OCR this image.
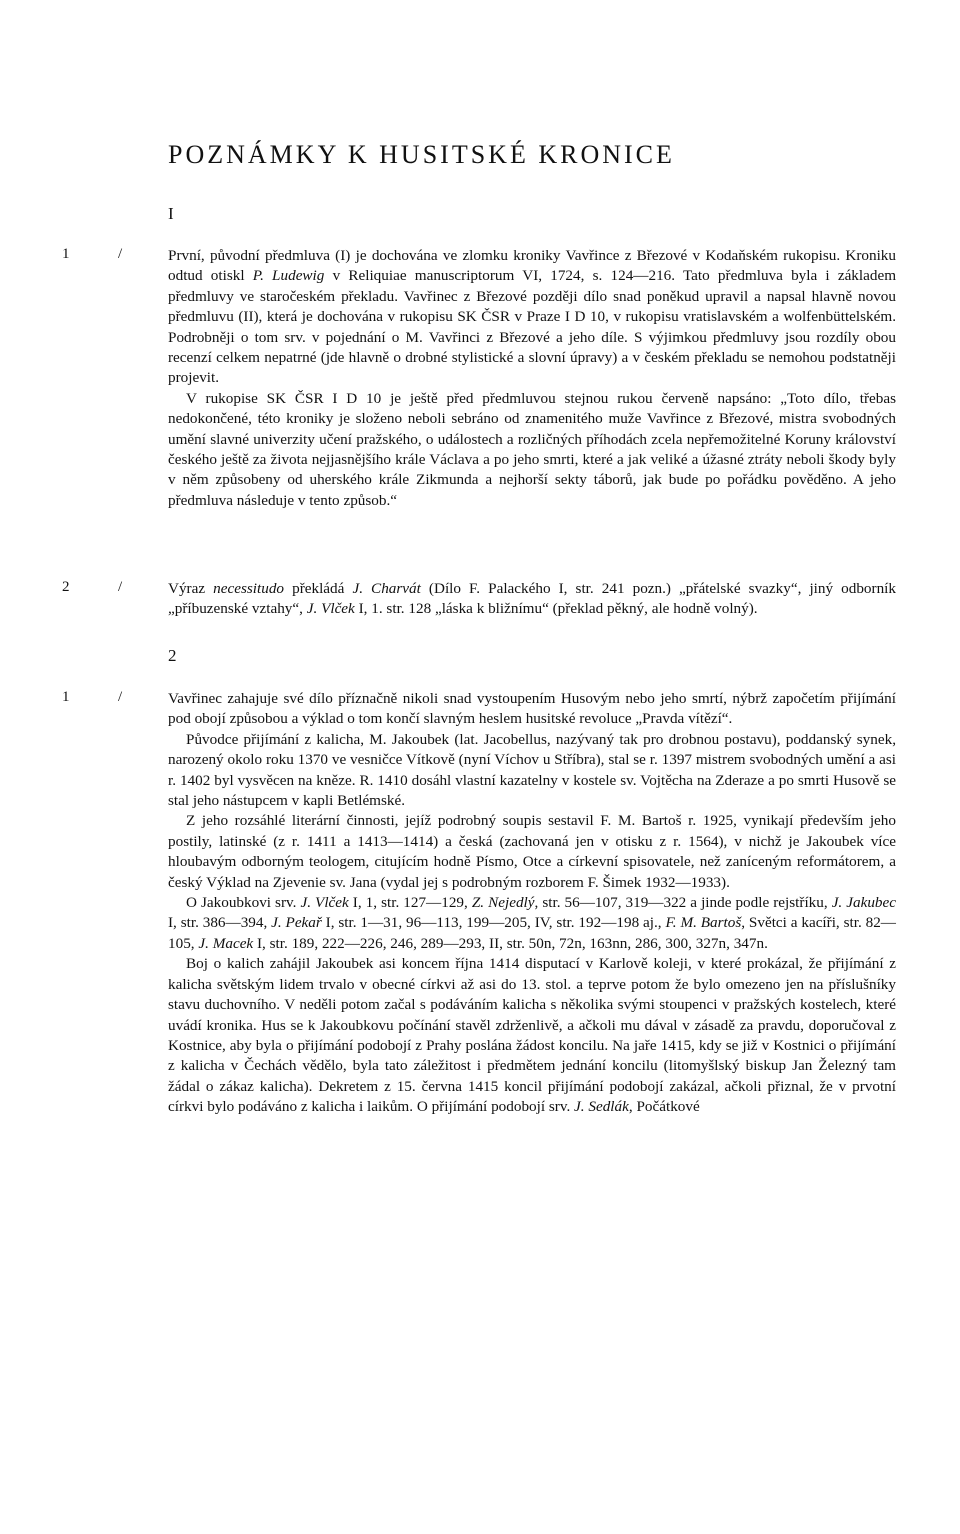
POZNÁMKY K HUSITSKÉ KRONICE
I
1	/	První, původní předmluva (I) je dochována ve zlomku kroniky Vavřince z Březové v Kodaňském rukopisu. Kroniku odtud otiskl P. Ludewig v Reliquiae manuscriptorum VI, 1724, s. 124—216. Tato předmluva byla i základem předmluvy ve staročeském překladu. Vavřinec z Březové později dílo snad poněkud upravil a napsal hlavně novou předmluvu (II), která je dochována v rukopisu SK ČSR v Praze I D 10, v rukopisu vratislavském a wolfenbüttelském. Podrobněji o tom srv. v pojednání o M. Vavřinci z Březové a jeho díle. S výjimkou předmluvy jsou rozdíly obou recenzí celkem nepatrné (jde hlavně o drobné stylistické a slovní úpravy) a v českém překladu se nemohou podstatněji projevit.

V rukopise SK ČSR I D 10 je ještě před předmluvou stejnou rukou červeně napsáno: „Toto dílo, třebas nedokončené, této kroniky je složeno neboli sebráno od znamenitého muže Vavřince z Březové, mistra svobodných umění slavné univerzity učení pražského, o událostech a rozličných příhodách zcela nepřemožitelné Koruny království českého ještě za života nejjasnějšího krále Václava a po jeho smrti, které a jak veliké a úžasné ztráty neboli škody byly v něm způsobeny od uherského krále Zikmunda a nejhorší sekty táborů, jak bude po pořádku pověděno. A jeho předmluva následuje v tento způsob.“

2	/	Výraz necessitudo překládá J. Charvát (Dílo F. Palackého I, str. 241 pozn.) „přátelské svazky“, jiný odborník „příbuzenské vztahy“, J. Vlček I, 1. str. 128 „láska k bližnímu“ (překlad pěkný, ale hodně volný).

2
1	/	Vavřinec zahajuje své dílo příznačně nikoli snad vystoupením Husovým nebo jeho smrtí, nýbrž započetím přijímání pod obojí způsobou a výklad o tom končí slavným heslem husitské revoluce „Pravda vítězí“.

Původce přijímání z kalicha, M. Jakoubek (lat. Jacobellus, nazývaný tak pro drobnou postavu), poddanský synek, narozený okolo roku 1370 ve vesničce Vítkově (nyní Víchov u Stříbra), stal se r. 1397 mistrem svobodných umění a asi r. 1402 byl vysvěcen na kněze. R. 1410 dosáhl vlastní kazatelny v kostele sv. Vojtěcha na Zderaze a po smrti Husově se stal jeho nástupcem v kapli Betlémské.

Z jeho rozsáhlé literární činnosti, jejíž podrobný soupis sestavil F. M. Bartoš r. 1925, vynikají především jeho postily, latinské (z r. 1411 a 1413—1414) a česká (zachovaná jen v otisku z r. 1564), v nichž je Jakoubek více hloubavým odborným teologem, citujícím hodně Písmo, Otce a církevní spisovatele, než zaníceným reformátorem, a český Výklad na Zjevenie sv. Jana (vydal jej s podrobným rozborem F. Šimek 1932—1933).

O Jakoubkovi srv. J. Vlček I, 1, str. 127—129, Z. Nejedlý, str. 56—107, 319—322 a jinde podle rejstříku, J. Jakubec I, str. 386—394, J. Pekař I, str. 1—31, 96—113, 199—205, IV, str. 192—198 aj., F. M. Bartoš, Světci a kacíři, str. 82—105, J. Macek I, str. 189, 222—226, 246, 289—293, II, str. 50n, 72n, 163nn, 286, 300, 327n, 347n.

Boj o kalich zahájil Jakoubek asi koncem října 1414 disputací v Karlově koleji, v které prokázal, že přijímání z kalicha světským lidem trvalo v obecné církvi až asi do 13. stol. a teprve potom že bylo omezeno jen na příslušníky stavu duchovního. V neděli potom začal s podáváním kalicha s několika svými stoupenci v pražských kostelech, které uvádí kronika. Hus se k Jakoubkovu počínání stavěl zdrženlivě, a ačkoli mu dával v zásadě za pravdu, doporučoval z Kostnice, aby byla o přijímání podobojí z Prahy poslána žádost koncilu. Na jaře 1415, kdy se již v Kostnici o přijímání z kalicha v Čechách vědělo, byla tato záležitost i předmětem jednání koncilu (litomyšlský biskup Jan Železný tam žádal o zákaz kalicha). Dekretem z 15. června 1415 koncil přijímání podobojí zakázal, ačkoli přiznal, že v prvotní církvi bylo podáváno z kalicha i laikům. O přijímání podobojí srv. J. Sedlák, Počátkové
